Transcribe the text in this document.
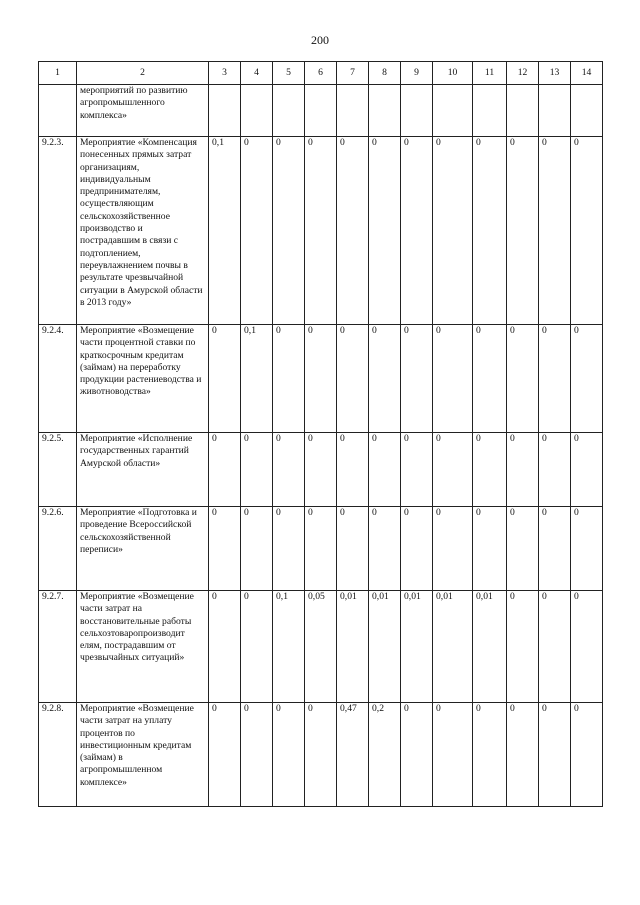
200
1	2	3	4	5	6	7	8	9	10	11	12	13	14
	мероприятий по развитию агропромышленного комплекса»												
9.2.3.	Мероприятие «Компенсация понесенных прямых затрат организациям, индивидуальным предпринимателям, осуществляющим сельскохозяйственное производство и пострадавшим в связи с подтоплением, переувлажнением почвы в результате чрезвычайной ситуации в Амурской области в 2013 году»	0,1	0	0	0	0	0	0	0	0	0	0	0
9.2.4.	Мероприятие «Возмещение части процентной ставки по краткосрочным кредитам (займам) на переработку продукции растениеводства и животноводства»	0	0,1	0	0	0	0	0	0	0	0	0	0
9.2.5.	Мероприятие «Исполнение государственных гарантий Амурской области»	0	0	0	0	0	0	0	0	0	0	0	0
9.2.6.	Мероприятие «Подготовка и проведение Всероссийской сельскохозяйственной переписи»	0	0	0	0	0	0	0	0	0	0	0	0
9.2.7.	Мероприятие «Возмещение части затрат на восстановительные работы сельхозтоваропроизводит елям, пострадавшим от чрезвычайных ситуаций»	0	0	0,1	0,05	0,01	0,01	0,01	0,01	0,01	0	0	0
9.2.8.	Мероприятие «Возмещение части затрат на уплату процентов по инвестиционным кредитам (займам) в агропромышленном комплексе»	0	0	0	0	0,47	0,2	0	0	0	0	0	0
